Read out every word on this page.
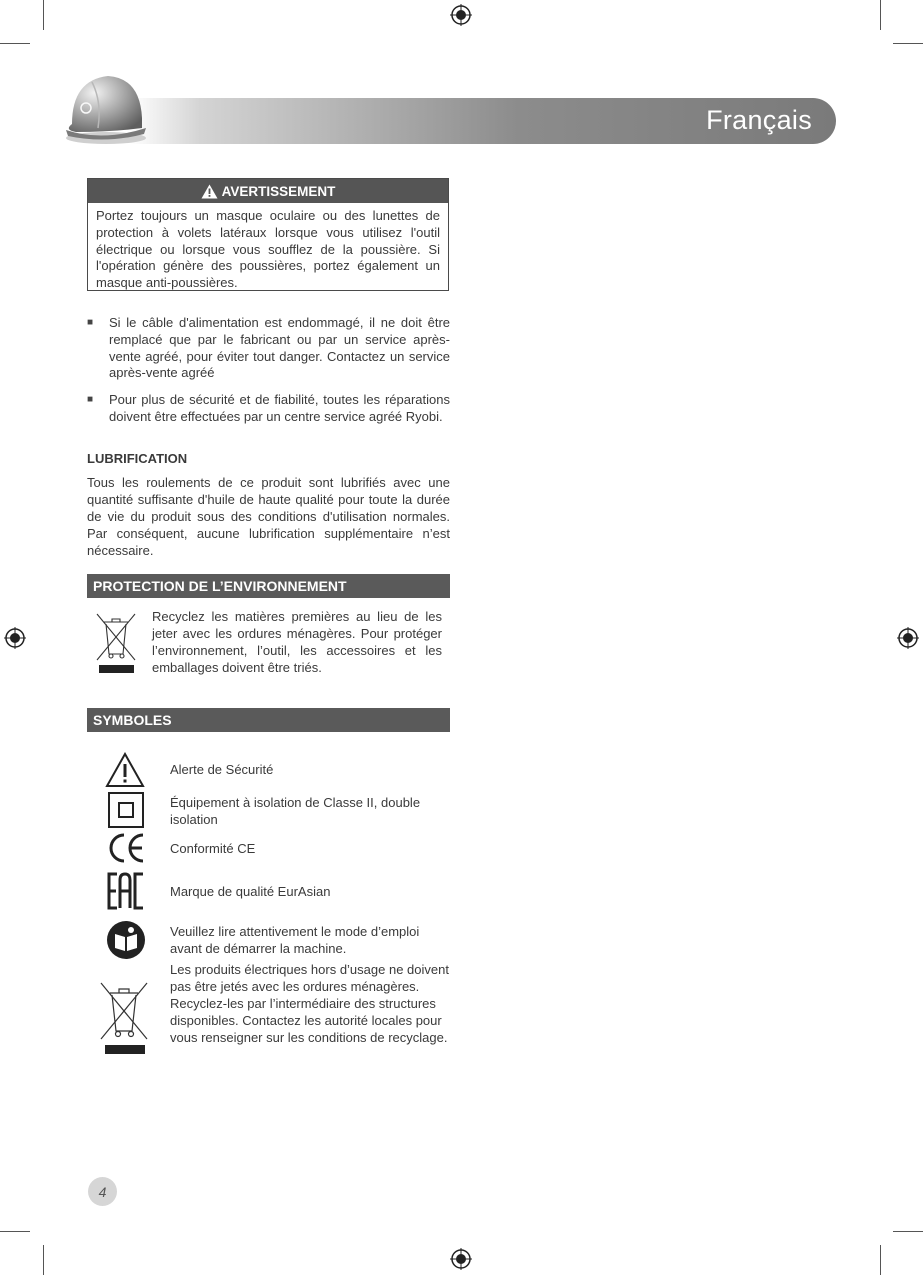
Français
AVERTISSEMENT
Portez toujours un masque oculaire ou des lunettes de protection à volets latéraux lorsque vous utilisez l'outil électrique ou lorsque vous soufflez de la poussière. Si l'opération génère des poussières, portez également un masque anti-poussières.
■	Si le câble d'alimentation est endommagé, il ne doit être remplacé que par le fabricant ou par un service après-vente agréé, pour éviter tout danger. Contactez un service après-vente agréé
■	Pour plus de sécurité et de fiabilité, toutes les réparations doivent être effectuées par un centre service agréé Ryobi.
LUBRIFICATION
Tous les roulements de ce produit sont lubrifiés avec une quantité suffisante d'huile de haute qualité pour toute la durée de vie du produit sous des conditions d'utilisation normales. Par conséquent, aucune lubrification supplémentaire n’est nécessaire.
PROTECTION DE L’ENVIRONNEMENT
Recyclez les matières premières au lieu de les jeter avec les ordures ménagères. Pour protéger l’environnement, l’outil, les accessoires et les emballages doivent être triés.
SYMBOLES
Alerte de Sécurité
Équipement à isolation de Classe II, double isolation
Conformité CE
Marque de qualité EurAsian
Veuillez lire attentivement le mode d’emploi avant de démarrer la machine.
Les produits électriques hors d’usage ne doivent pas être jetés avec les ordures ménagères. Recyclez-les par l’intermédiaire des structures disponibles. Contactez les autorité locales pour vous renseigner sur les conditions de recyclage.
4
